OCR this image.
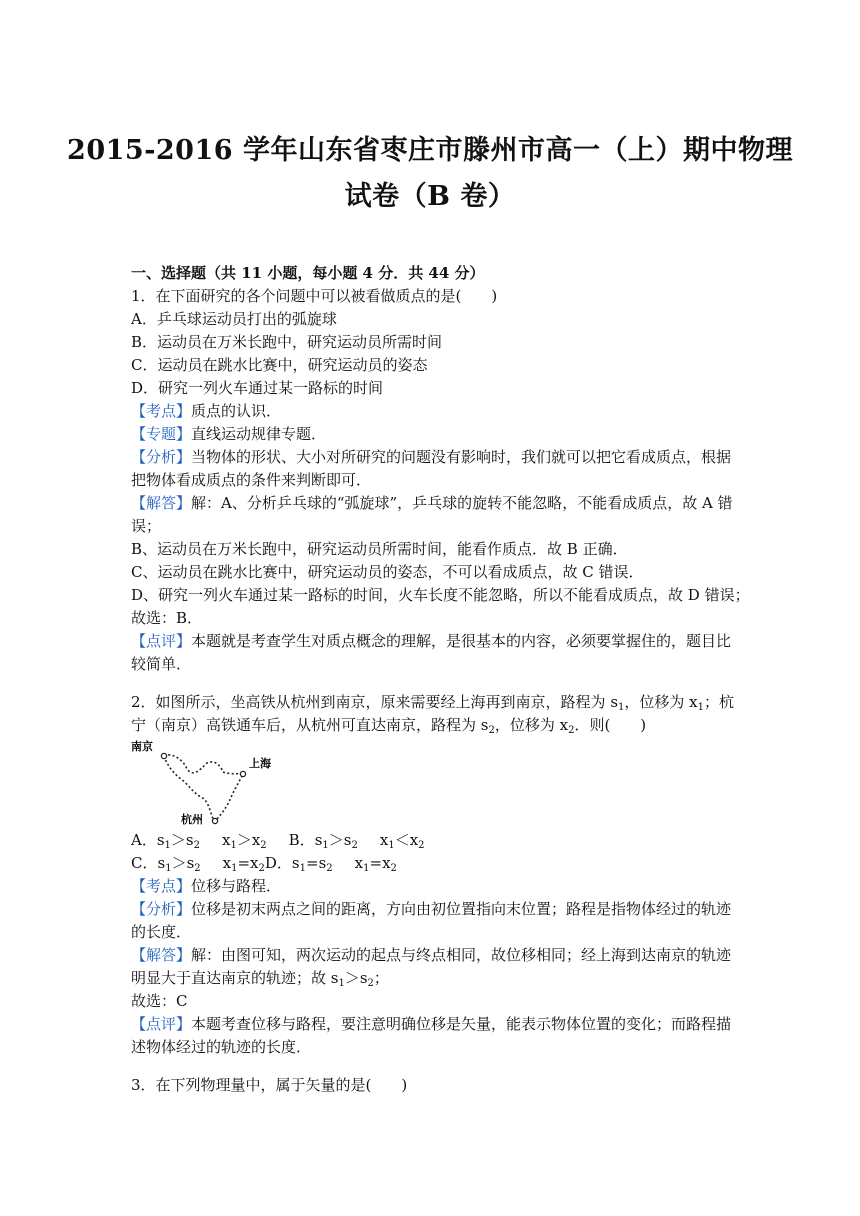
2015-2016 学年山东省枣庄市滕州市高一（上）期中物理
试卷（B 卷）
一、选择题（共 11 小题，每小题 4 分．共 44 分）
1．在下面研究的各个问题中可以被看做质点的是(　　)
A．乒乓球运动员打出的弧旋球
B．运动员在万米长跑中，研究运动员所需时间
C．运动员在跳水比赛中，研究运动员的姿态
D．研究一列火车通过某一路标的时间
【考点】质点的认识．
【专题】直线运动规律专题．
【分析】当物体的形状、大小对所研究的问题没有影响时，我们就可以把它看成质点，根据
把物体看成质点的条件来判断即可．
【解答】解：A、分析乒乓球的“弧旋球”，乒乓球的旋转不能忽略，不能看成质点，故 A 错
误；
B、运动员在万米长跑中，研究运动员所需时间，能看作质点．故 B 正确．
C、运动员在跳水比赛中，研究运动员的姿态，不可以看成质点，故 C 错误．
D、研究一列火车通过某一路标的时间，火车长度不能忽略，所以不能看成质点，故 D 错误；
故选：B．
【点评】本题就是考查学生对质点概念的理解，是很基本的内容，必须要掌握住的，题目比
较简单．
2．如图所示，坐高铁从杭州到南京，原来需要经上海再到南京，路程为 $s_1$，位移为 $x_1$；杭
宁（南京）高铁通车后，从杭州可直达南京，路程为 $s_2$，位移为 $x_2$．则(　　)
南京
上海
杭州
A．$s_1>s_2$ $x_1>x_2$ B．$s_1>s_2$ $x_1<x_2$
C．$s_1>s_2$ $x_1=x_2D$．$s_1=s_2$ $x_1=x_2$
【考点】位移与路程．
【分析】位移是初末两点之间的距离，方向由初位置指向末位置；路程是指物体经过的轨迹
的长度．
【解答】解：由图可知，两次运动的起点与终点相同，故位移相同；经上海到达南京的轨迹
明显大于直达南京的轨迹；故 $s_1>s_2$；
故选：C
【点评】本题考查位移与路程，要注意明确位移是矢量，能表示物体位置的变化；而路程描
述物体经过的轨迹的长度．
3．在下列物理量中，属于矢量的是(　　)
